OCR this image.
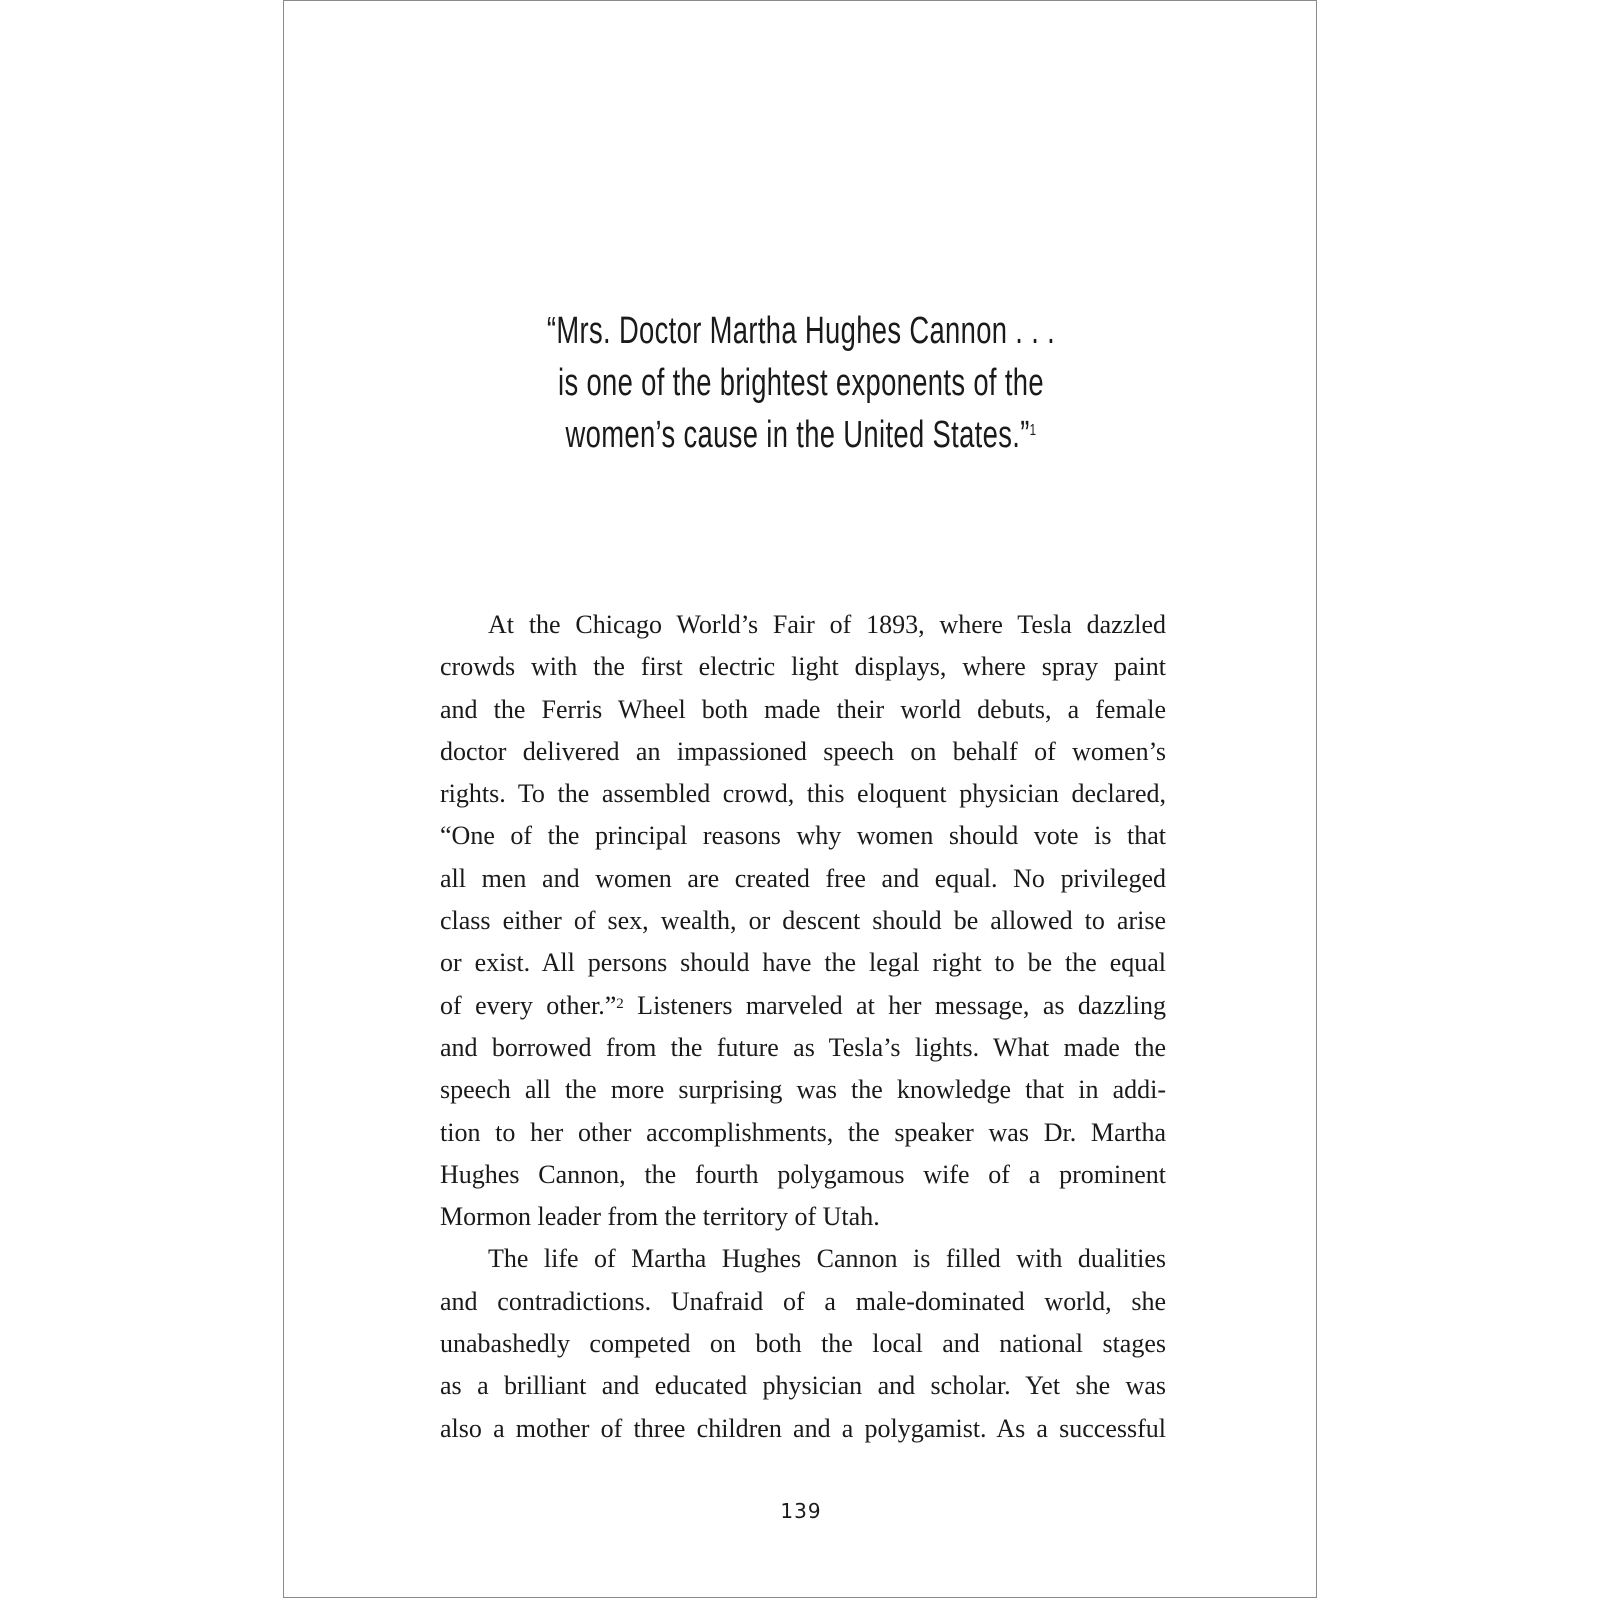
“Mrs. Doctor Martha Hughes Cannon . . .
is one of the brightest exponents of the
women’s cause in the United States.”$^1$
At the Chicago World’s Fair of 1893, where Tesla dazzled
crowds with the first electric light displays, where spray paint
and the Ferris Wheel both made their world debuts, a female
doctor delivered an impassioned speech on behalf of women’s
rights. To the assembled crowd, this eloquent physician declared,
“One of the principal reasons why women should vote is that
all men and women are created free and equal. No privileged
class either of sex, wealth, or descent should be allowed to arise
or exist. All persons should have the legal right to be the equal
of every other.”$^2$ Listeners marveled at her message, as dazzling
and borrowed from the future as Tesla’s lights. What made the
speech all the more surprising was the knowledge that in addi-
tion to her other accomplishments, the speaker was Dr. Martha
Hughes Cannon, the fourth polygamous wife of a prominent
Mormon leader from the territory of Utah.
The life of Martha Hughes Cannon is filled with dualities
and contradictions. Unafraid of a male-dominated world, she
unabashedly competed on both the local and national stages
as a brilliant and educated physician and scholar. Yet she was
also a mother of three children and a polygamist. As a successful
139
